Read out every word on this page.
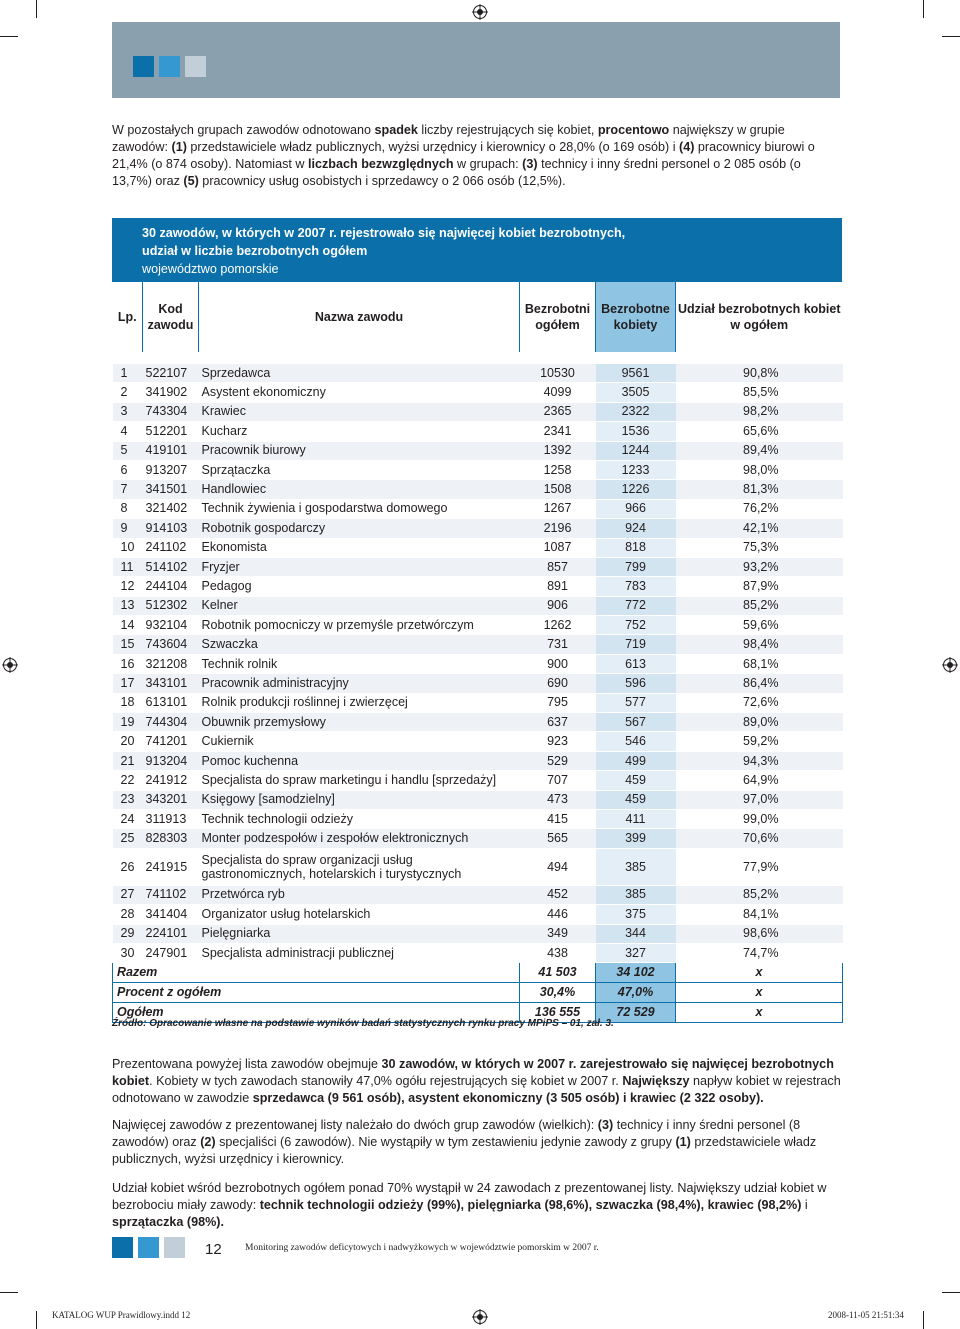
W pozostałych grupach zawodów odnotowano spadek liczby rejestrujących się kobiet, procentowo największy w grupie zawodów: (1) przedstawiciele władz publicznych, wyżsi urzędnicy i kierownicy o 28,0% (o 169 osób) i (4) pracownicy biurowi o 21,4% (o 874 osoby). Natomiast w liczbach bezwzględnych w grupach: (3) technicy i inny średni personel o 2 085 osób (o 13,7%) oraz (5) pracownicy usług osobistych i sprzedawcy o 2 066 osób (12,5%).
30 zawodów, w których w 2007 r. rejestrowało się najwięcej kobiet bezrobotnych,
udział w liczbie bezrobotnych ogółem
województwo pomorskie
Lp.	Kod zawodu	Nazwa zawodu	Bezrobotni ogółem	Bezrobotne kobiety	Udział bezrobotnych kobiet w ogółem

1	522107	Sprzedawca	10530	9561	90,8%
2	341902	Asystent ekonomiczny	4099	3505	85,5%
3	743304	Krawiec	2365	2322	98,2%
4	512201	Kucharz	2341	1536	65,6%
5	419101	Pracownik biurowy	1392	1244	89,4%
6	913207	Sprzątaczka	1258	1233	98,0%
7	341501	Handlowiec	1508	1226	81,3%
8	321402	Technik żywienia i gospodarstwa domowego	1267	966	76,2%
9	914103	Robotnik gospodarczy	2196	924	42,1%
10	241102	Ekonomista	1087	818	75,3%
11	514102	Fryzjer	857	799	93,2%
12	244104	Pedagog	891	783	87,9%
13	512302	Kelner	906	772	85,2%
14	932104	Robotnik pomocniczy w przemyśle przetwórczym	1262	752	59,6%
15	743604	Szwaczka	731	719	98,4%
16	321208	Technik rolnik	900	613	68,1%
17	343101	Pracownik administracyjny	690	596	86,4%
18	613101	Rolnik produkcji roślinnej i zwierzęcej	795	577	72,6%
19	744304	Obuwnik przemysłowy	637	567	89,0%
20	741201	Cukiernik	923	546	59,2%
21	913204	Pomoc kuchenna	529	499	94,3%
22	241912	Specjalista do spraw marketingu i handlu [sprzedaży]	707	459	64,9%
23	343201	Księgowy [samodzielny]	473	459	97,0%
24	311913	Technik technologii odzieży	415	411	99,0%
25	828303	Monter podzespołów i zespołów elektronicznych	565	399	70,6%
26	241915	Specjalista do spraw organizacji usług gastronomicznych, hotelarskich i turystycznych	494	385	77,9%
27	741102	Przetwórca ryb	452	385	85,2%
28	341404	Organizator usług hotelarskich	446	375	84,1%
29	224101	Pielęgniarka	349	344	98,6%
30	247901	Specjalista administracji publicznej	438	327	74,7%
Razem			41 503	34 102	x
Procent z ogółem			30,4%	47,0%	x
Ogółem			136 555	72 529	x
Źródło: Opracowanie własne na podstawie wyników badań statystycznych rynku pracy MPiPS – 01, zał. 3.
Prezentowana powyżej lista zawodów obejmuje 30 zawodów, w których w 2007 r. zarejestrowało się najwięcej bezrobotnych kobiet. Kobiety w tych zawodach stanowiły 47,0% ogółu rejestrujących się kobiet w 2007 r. Największy napływ kobiet w rejestrach odnotowano w zawodzie sprzedawca (9 561 osób), asystent ekonomiczny (3 505 osób) i krawiec (2 322 osoby).
Najwięcej zawodów z prezentowanej listy należało do dwóch grup zawodów (wielkich): (3) technicy i inny średni personel (8 zawodów) oraz (2) specjaliści (6 zawodów). Nie wystąpiły w tym zestawieniu jedynie zawody z grupy (1) przedstawiciele władz publicznych, wyżsi urzędnicy i kierownicy.
Udział kobiet wśród bezrobotnych ogółem ponad 70% wystąpił w 24 zawodach z prezentowanej listy. Największy udział kobiet w bezrobociu miały zawody: technik technologii odzieży (99%), pielęgniarka (98,6%), szwaczka (98,4%), krawiec (98,2%) i sprzątaczka (98%).
12 Monitoring zawodów deficytowych i nadwyżkowych w województwie pomorskim w 2007 r.
KATALOG WUP Prawidlowy.indd 12	2008-11-05 21:51:34
